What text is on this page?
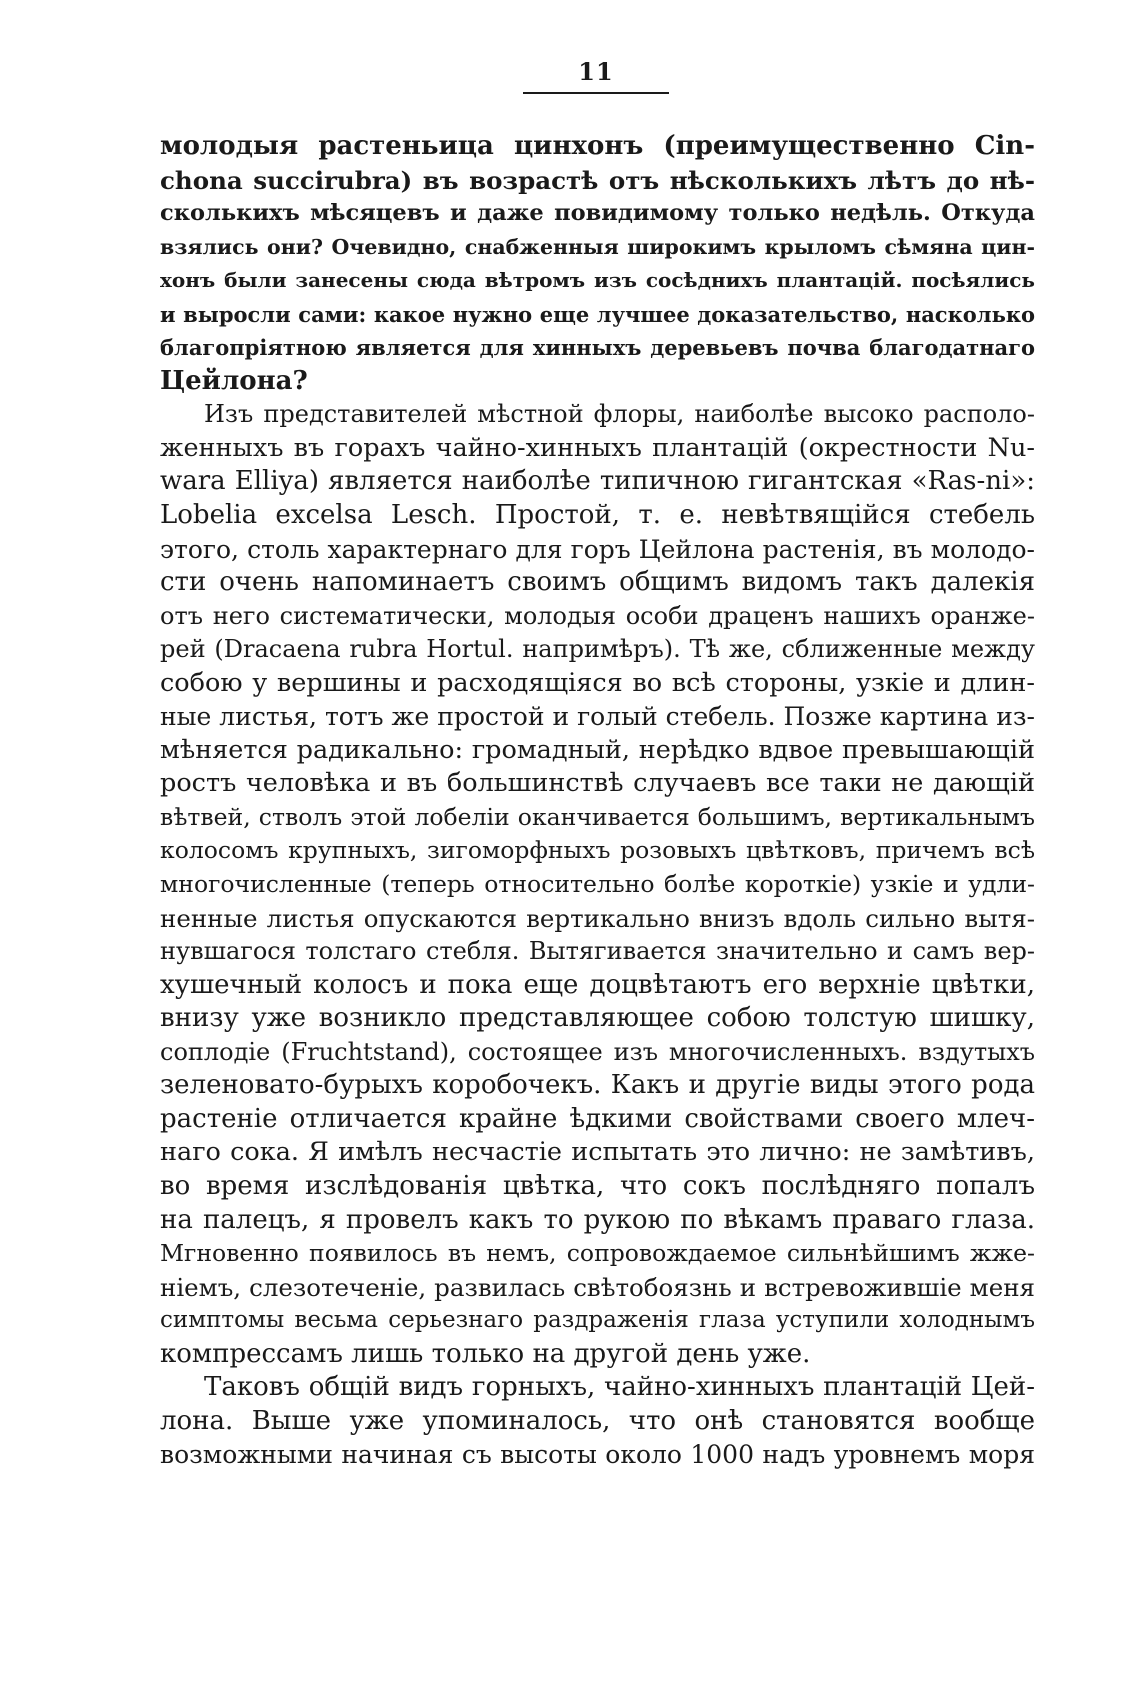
11
молодыя растеньица цинхонъ (преимущественно Cin-
chona succirubra) въ возрастѣ отъ нѣсколькихъ лѣтъ до нѣ-
сколькихъ мѣсяцевъ и даже повидимому только недѣль. Откуда
взялись они? Очевидно, снабженныя широкимъ крыломъ сѣмяна цин-
хонъ были занесены сюда вѣтромъ изъ сосѣднихъ плантацій. посѣялись
и выросли сами: какое нужно еще лучшее доказательство, насколько
благопріятною является для хинныхъ деревьевъ почва благодатнаго
Цейлона?
Изъ представителей мѣстной флоры, наиболѣе высоко располо-
женныхъ въ горахъ чайно-хинныхъ плантацій (окрестности Nu-
wara Elliya) является наиболѣе типичною гигантская «Ras-ni»:
Lobelia excelsa Lesch. Простой, т. е. невѣтвящійся стебель
этого, столь характернаго для горъ Цейлона растенія, въ молодо-
сти очень напоминаетъ своимъ общимъ видомъ такъ далекія
отъ него систематически, молодыя особи драценъ нашихъ оранже-
рей (Dracaena rubra Hortul. напримѣръ). Тѣ же, сближенные между
собою у вершины и расходящіяся во всѣ стороны, узкіе и длин-
ные листья, тотъ же простой и голый стебель. Позже картина из-
мѣняется радикально: громадный, нерѣдко вдвое превышающій
ростъ человѣка и въ большинствѣ случаевъ все таки не дающій
вѣтвей, стволъ этой лобеліи оканчивается большимъ, вертикальнымъ
колосомъ крупныхъ, зигоморфныхъ розовыхъ цвѣтковъ, причемъ всѣ
многочисленные (теперь относительно болѣе короткіе) узкіе и удли-
ненные листья опускаются вертикально внизъ вдоль сильно вытя-
нувшагося толстаго стебля. Вытягивается значительно и самъ вер-
хушечный колосъ и пока еще доцвѣтаютъ его верхніе цвѣтки,
внизу уже возникло представляющее собою толстую шишку,
соплодіе (Fruchtstand), состоящее изъ многочисленныхъ. вздутыхъ
зеленовато-бурыхъ коробочекъ. Какъ и другіе виды этого рода
растеніе отличается крайне ѣдкими свойствами своего млеч-
наго сока. Я имѣлъ несчастіе испытать это лично: не замѣтивъ,
во время изслѣдованія цвѣтка, что сокъ послѣдняго попалъ
на палецъ, я провелъ какъ то рукою по вѣкамъ праваго глаза.
Мгновенно появилось въ немъ, сопровождаемое сильнѣйшимъ жже-
ніемъ, слезотеченіе, развилась свѣтобоязнь и встревожившіе меня
симптомы весьма серьезнаго раздраженія глаза уступили холоднымъ
компрессамъ лишь только на другой день уже.
Таковъ общій видъ горныхъ, чайно-хинныхъ плантацій Цей-
лона. Выше уже упоминалось, что онѣ становятся вообще
возможными начиная съ высоты около 1000 надъ уровнемъ моря
